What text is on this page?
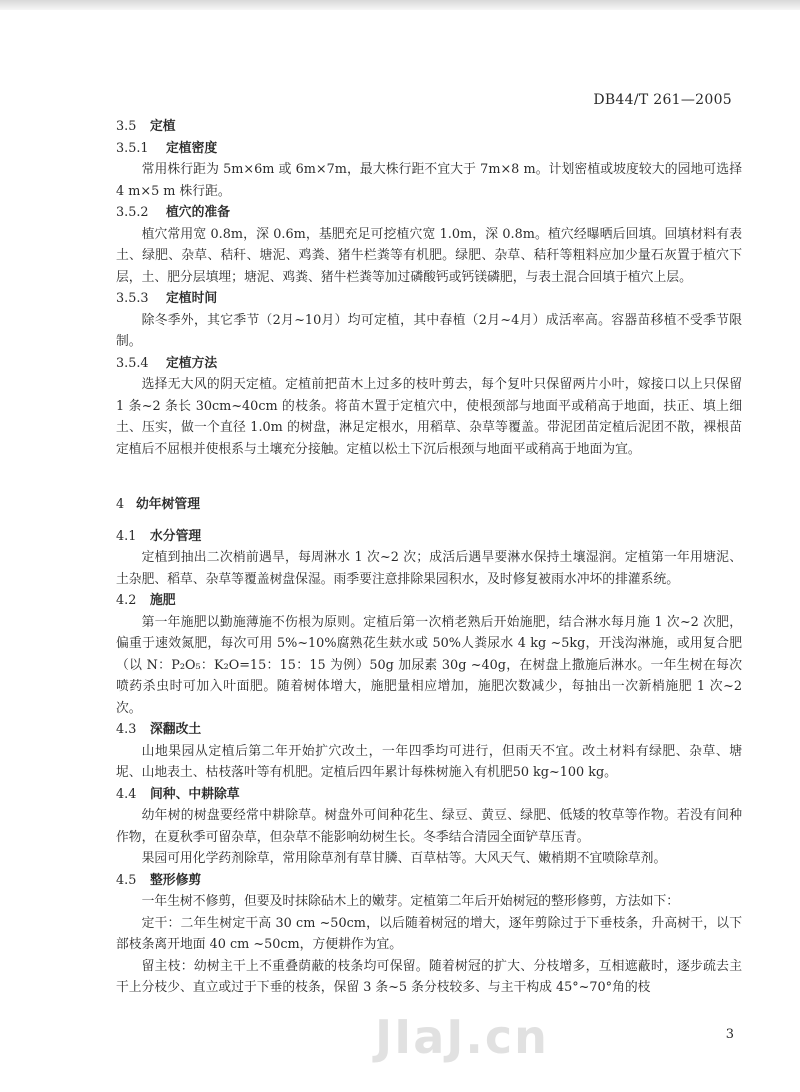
DB44/T 261—2005
3.5 定植
3.5.1 定植密度

常用株行距为 5m×6m 或 6m×7m，最大株行距不宜大于 7m×8 m。计划密植或坡度较大的园地可选择4 m×5 m 株行距。

3.5.2 植穴的准备

植穴常用宽 0.8m，深 0.6m，基肥充足可挖植穴宽 1.0m，深 0.8m。植穴经曝晒后回填。回填材料有表土、绿肥、杂草、秸秆、塘泥、鸡粪、猪牛栏粪等有机肥。绿肥、杂草、秸秆等粗料应加少量石灰置于植穴下层，土、肥分层填埋；塘泥、鸡粪、猪牛栏粪等加过磷酸钙或钙镁磷肥，与表土混合回填于植穴上层。

3.5.3 定植时间

除冬季外，其它季节（2月~10月）均可定植，其中春植（2月~4月）成活率高。容器苗移植不受季节限制。

3.5.4 定植方法

选择无大风的阴天定植。定植前把苗木上过多的枝叶剪去，每个复叶只保留两片小叶，嫁接口以上只保留 1 条~2 条长 30cm~40cm 的枝条。将苗木置于定植穴中，使根颈部与地面平或稍高于地面，扶正、填上细土、压实，做一个直径 1.0m 的树盘，淋足定根水，用稻草、杂草等覆盖。带泥团苗定植后泥团不散，裸根苗定植后不屈根并使根系与土壤充分接触。定植以松土下沉后根颈与地面平或稍高于地面为宜。

4 幼年树管理
4.1 水分管理

定植到抽出二次梢前遇旱，每周淋水 1 次~2 次；成活后遇旱要淋水保持土壤湿润。定植第一年用塘泥、土杂肥、稻草、杂草等覆盖树盘保湿。雨季要注意排除果园积水，及时修复被雨水冲坏的排灌系统。

4.2 施肥

第一年施肥以勤施薄施不伤根为原则。定植后第一次梢老熟后开始施肥，结合淋水每月施 1 次~2 次肥，偏重于速效氮肥，每次可用 5%~10%腐熟花生麸水或 50%人粪尿水 4 kg ~5kg，开浅沟淋施，或用复合肥（以 N：P₂O₅：K₂O=15：15：15 为例）50g 加尿素 30g ~40g，在树盘上撒施后淋水。一年生树在每次喷药杀虫时可加入叶面肥。随着树体增大，施肥量相应增加，施肥次数减少，每抽出一次新梢施肥 1 次~2 次。

4.3 深翻改土

山地果园从定植后第二年开始扩穴改土，一年四季均可进行，但雨天不宜。改土材料有绿肥、杂草、塘坭、山地表土、枯枝落叶等有机肥。定植后四年累计每株树施入有机肥50 kg~100 kg。

4.4 间种、中耕除草

幼年树的树盘要经常中耕除草。树盘外可间种花生、绿豆、黄豆、绿肥、低矮的牧草等作物。若没有间种作物，在夏秋季可留杂草，但杂草不能影响幼树生长。冬季结合清园全面铲草压青。

果园可用化学药剂除草，常用除草剂有草甘膦、百草枯等。大风天气、嫩梢期不宜喷除草剂。

4.5 整形修剪

一年生树不修剪，但要及时抹除砧木上的嫩芽。定植第二年后开始树冠的整形修剪，方法如下：

定干：二年生树定干高 30 cm ~50cm，以后随着树冠的增大，逐年剪除过于下垂枝条，升高树干，以下部枝条离开地面 40 cm ~50cm，方便耕作为宜。

留主枝：幼树主干上不重叠荫蔽的枝条均可保留。随着树冠的扩大、分枝增多，互相遮蔽时，逐步疏去主干上分枝少、直立或过于下垂的枝条，保留 3 条~5 条分枝较多、与主干构成 45°~70°角的枝

JIaJ.cn	3
